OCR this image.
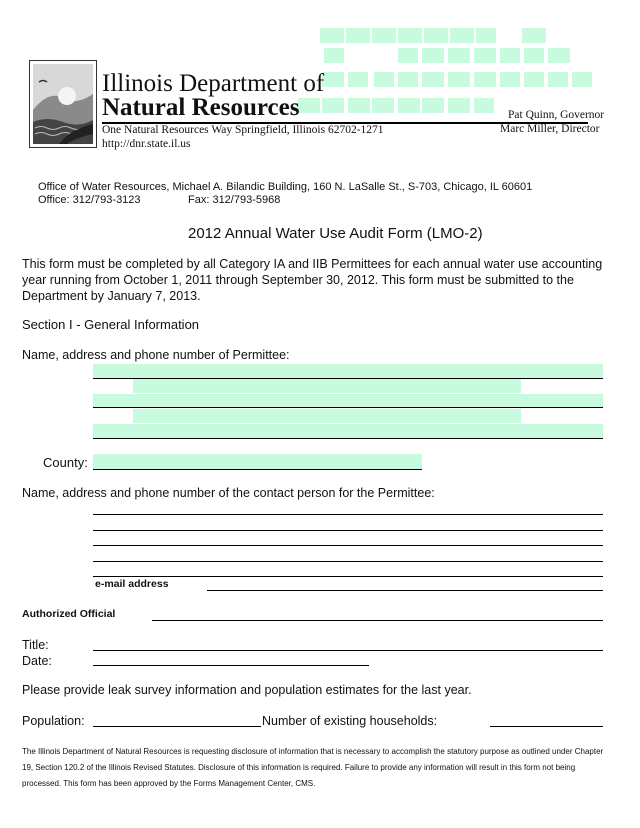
Illinois Department of
Natural Resources
One Natural Resources Way Springfield, Illinois 62702-1271
http://dnr.state.il.us
Pat Quinn, Governor
Marc Miller, Director
Office of Water Resources, Michael A. Bilandic Building, 160 N. LaSalle St., S-703, Chicago, IL 60601
Office: 312/793-3123	Fax: 312/793-5968
2012 Annual Water Use Audit Form (LMO-2)
This form must be completed by all Category IA and IIB Permittees for each annual water use accounting year running from October 1, 2011 through September 30, 2012. This form must be submitted to the Department by January 7, 2013.
Section I - General Information
Name, address and phone number of Permittee:
County:
Name, address and phone number of the contact person for the Permittee:
e-mail address
Authorized Official
Title:
Date:
Please provide leak survey information and population estimates for the last year.
Population:	Number of existing households:
The Illinois Department of Natural Resources is requesting disclosure of information that is necessary to accomplish the statutory purpose as outlined under Chapter 19, Section 120.2 of the Illinois Revised Statutes. Disclosure of this information is required. Failure to provide any information will result in this form not being processed. This form has been approved by the Forms Management Center, CMS.
